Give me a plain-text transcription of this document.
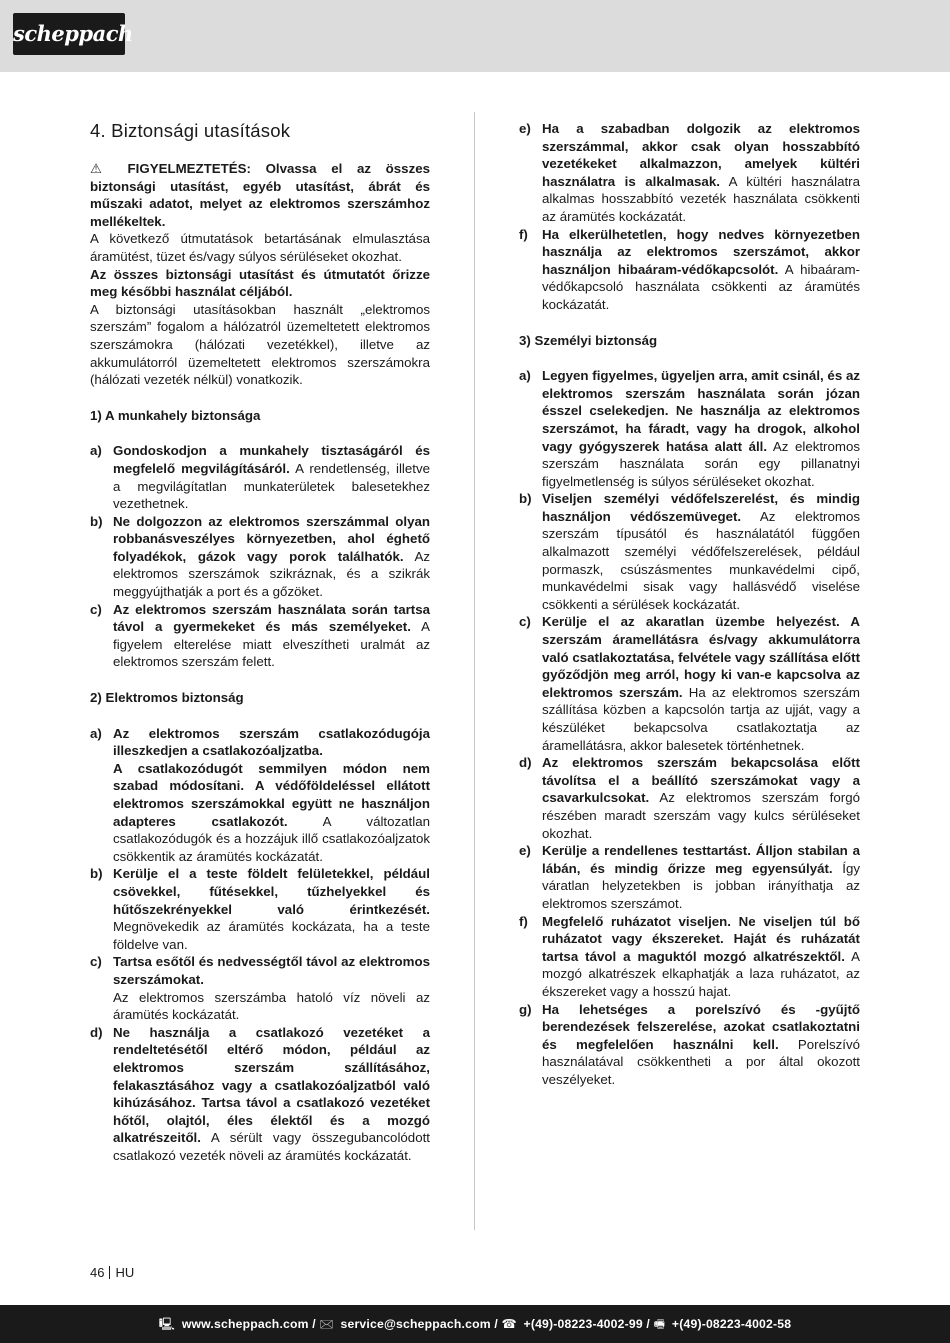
scheppach
4. Biztonsági utasítások

⚠ FIGYELMEZTETÉS: Olvassa el az összes biztonsági utasítást, egyéb utasítást, ábrát és műszaki adatot, melyet az elektromos szerszámhoz mellékeltek.

A következő útmutatások betartásának elmulasztása áramütést, tüzet és/vagy súlyos sérüléseket okozhat.

Az összes biztonsági utasítást és útmutatót őrizze meg későbbi használat céljából.

A biztonsági utasításokban használt „elektromos szerszám” fogalom a hálózatról üzemeltetett elektromos szerszámokra (hálózati vezetékkel), illetve az akkumulátorról üzemeltetett elektromos szerszámokra (hálózati vezeték nélkül) vonatkozik.

1) A munkahely biztonsága
a) Gondoskodjon a munkahely tisztaságáról és megfelelő megvilágításáról. A rendetlenség, illetve a megvilágítatlan munkaterületek balesetekhez vezethetnek.
b) Ne dolgozzon az elektromos szerszámmal olyan robbanásveszélyes környezetben, ahol éghető folyadékok, gázok vagy porok találhatók. Az elektromos szerszámok szikráznak, és a szikrák meggyújthatják a port és a gőzöket.
c) Az elektromos szerszám használata során tartsa távol a gyermekeket és más személyeket. A figyelem elterelése miatt elveszítheti uralmát az elektromos szerszám felett.
2) Elektromos biztonság
a) Az elektromos szerszám csatlakozódugója illeszkedjen a csatlakozóaljzatba.
A csatlakozódugót semmilyen módon nem szabad módosítani. A védőföldeléssel ellátott elektromos szerszámokkal együtt ne használjon adapteres csatlakozót. A változatlan csatlakozódugók és a hozzájuk illő csatlakozóaljzatok csökkentik az áramütés kockázatát.
b) Kerülje el a teste földelt felületekkel, például csövekkel, fűtésekkel, tűzhelyekkel és hűtőszekrényekkel való érintkezését. Megnövekedik az áramütés kockázata, ha a teste földelve van.
c) Tartsa esőtől és nedvességtől távol az elektromos szerszámokat.
Az elektromos szerszámba hatoló víz növeli az áramütés kockázatát.
d) Ne használja a csatlakozó vezetéket a rendeltetésétől eltérő módon, például az elektromos szerszám szállításához, felakasztásához vagy a csatlakozóaljzatból való kihúzásához. Tartsa távol a csatlakozó vezetéket hőtől, olajtól, éles élektől és a mozgó alkatrészeitől. A sérült vagy összegubancolódott csatlakozó vezeték növeli az áramütés kockázatát.
e) Ha a szabadban dolgozik az elektromos szerszámmal, akkor csak olyan hosszabbító vezetékeket alkalmazzon, amelyek kültéri használatra is alkalmasak. A kültéri használatra alkalmas hosszabbító vezeték használata csökkenti az áramütés kockázatát.
f) Ha elkerülhetetlen, hogy nedves környezetben használja az elektromos szerszámot, akkor használjon hibaáram-védőkapcsolót. A hibaáram-védőkapcsoló használata csökkenti az áramütés kockázatát.
3) Személyi biztonság
a) Legyen figyelmes, ügyeljen arra, amit csinál, és az elektromos szerszám használata során józan ésszel cselekedjen. Ne használja az elektromos szerszámot, ha fáradt, vagy ha drogok, alkohol vagy gyógyszerek hatása alatt áll. Az elektromos szerszám használata során egy pillanatnyi figyelmetlenség is súlyos sérüléseket okozhat.
b) Viseljen személyi védőfelszerelést, és mindig használjon védőszemüveget. Az elektromos szerszám típusától és használatától függően alkalmazott személyi védőfelszerelések, például pormaszk, csúszásmentes munkavédelmi cipő, munkavédelmi sisak vagy hallásvédő viselése csökkenti a sérülések kockázatát.
c) Kerülje el az akaratlan üzembe helyezést. A szerszám áramellátásra és/vagy akkumulátorra való csatlakoztatása, felvétele vagy szállítása előtt győződjön meg arról, hogy ki van-e kapcsolva az elektromos szerszám. Ha az elektromos szerszám szállítása közben a kapcsolón tartja az ujját, vagy a készüléket bekapcsolva csatlakoztatja az áramellátásra, akkor balesetek történhetnek.
d) Az elektromos szerszám bekapcsolása előtt távolítsa el a beállító szerszámokat vagy a csavarkulcsokat. Az elektromos szerszám forgó részében maradt szerszám vagy kulcs sérüléseket okozhat.
e) Kerülje a rendellenes testtartást. Álljon stabilan a lábán, és mindig őrizze meg egyensúlyát. Így váratlan helyzetekben is jobban irányíthatja az elektromos szerszámot.
f) Megfelelő ruházatot viseljen. Ne viseljen túl bő ruházatot vagy ékszereket. Haját és ruházatát tartsa távol a maguktól mozgó alkatrészektől. A mozgó alkatrészek elkaphatják a laza ruházatot, az ékszereket vagy a hosszú hajat.
g) Ha lehetséges a porelszívó és -gyűjtő berendezések felszerelése, azokat csatlakoztatni és megfelelően használni kell. Porelszívó használatával csökkentheti a por által okozott veszélyeket.
46 HU
🖳 www.scheppach.com / 🖂 service@scheppach.com / ☎ +(49)-08223-4002-99 / 🖷 +(49)-08223-4002-58
